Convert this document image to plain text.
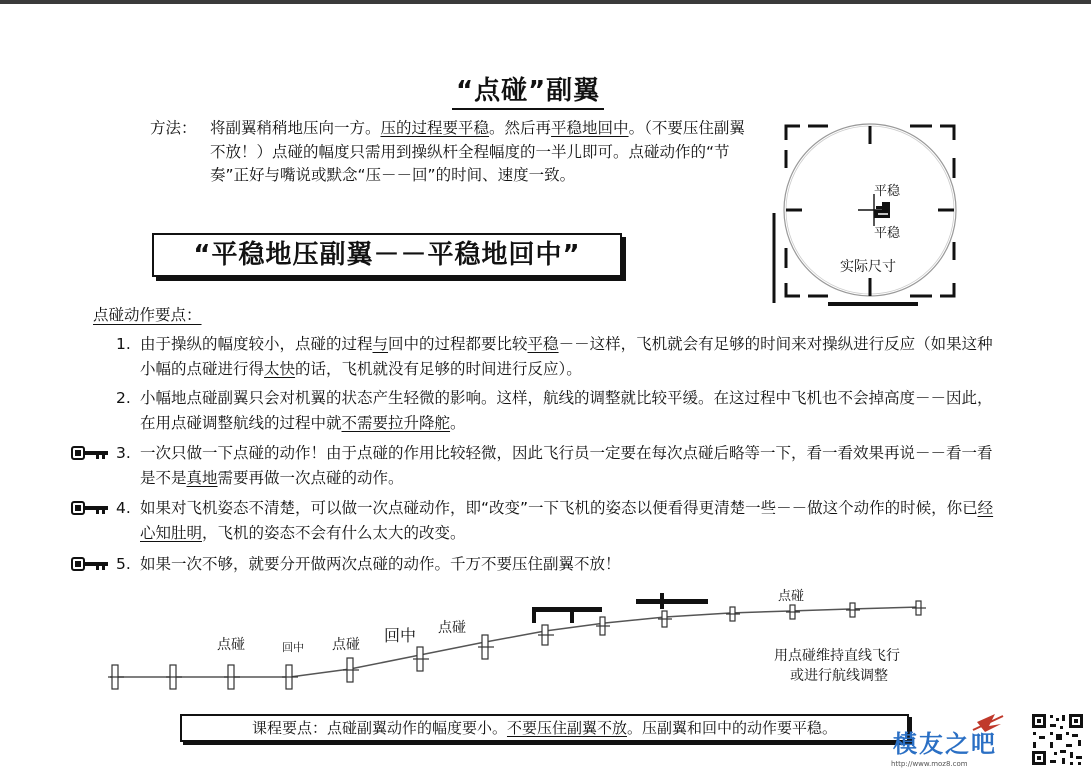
“点碰”副翼
方法： 将副翼稍稍地压向一方。压的过程要平稳。然后再平稳地回中。（不要压住副翼不放！）点碰的幅度只需用到操纵杆全程幅度的一半儿即可。点碰动作的“节奏”正好与嘴说或默念“压－－回”的时间、速度一致。
“平稳地压副翼－－平稳地回中”
平稳
平稳
实际尺寸
点碰动作要点：
1. 由于操纵的幅度较小，点碰的过程与回中的过程都要比较平稳－－这样，飞机就会有足够的时间来对操纵进行反应（如果这种小幅的点碰进行得太快的话，飞机就没有足够的时间进行反应）。
2. 小幅地点碰副翼只会对机翼的状态产生轻微的影响。这样，航线的调整就比较平缓。在这过程中飞机也不会掉高度－－因此，在用点碰调整航线的过程中就不需要拉升降舵。
3. 一次只做一下点碰的动作！由于点碰的作用比较轻微，因此飞行员一定要在每次点碰后略等一下，看一看效果再说－－看一看是不是真地需要再做一次点碰的动作。
4. 如果对飞机姿态不清楚，可以做一次点碰动作，即“改变”一下飞机的姿态以便看得更清楚一些－－做这个动作的时候，你已经心知肚明，飞机的姿态不会有什么太大的改变。
5. 如果一次不够，就要分开做两次点碰的动作。千万不要压住副翼不放！
点碰	回中 点碰 回中 点碰
点碰
用点碰维持直线飞行
或进行航线调整
课程要点：点碰副翼动作的幅度要小。不要压住副翼不放。压副翼和回中的动作要平稳。
模友之吧
http://www.moz8.com
